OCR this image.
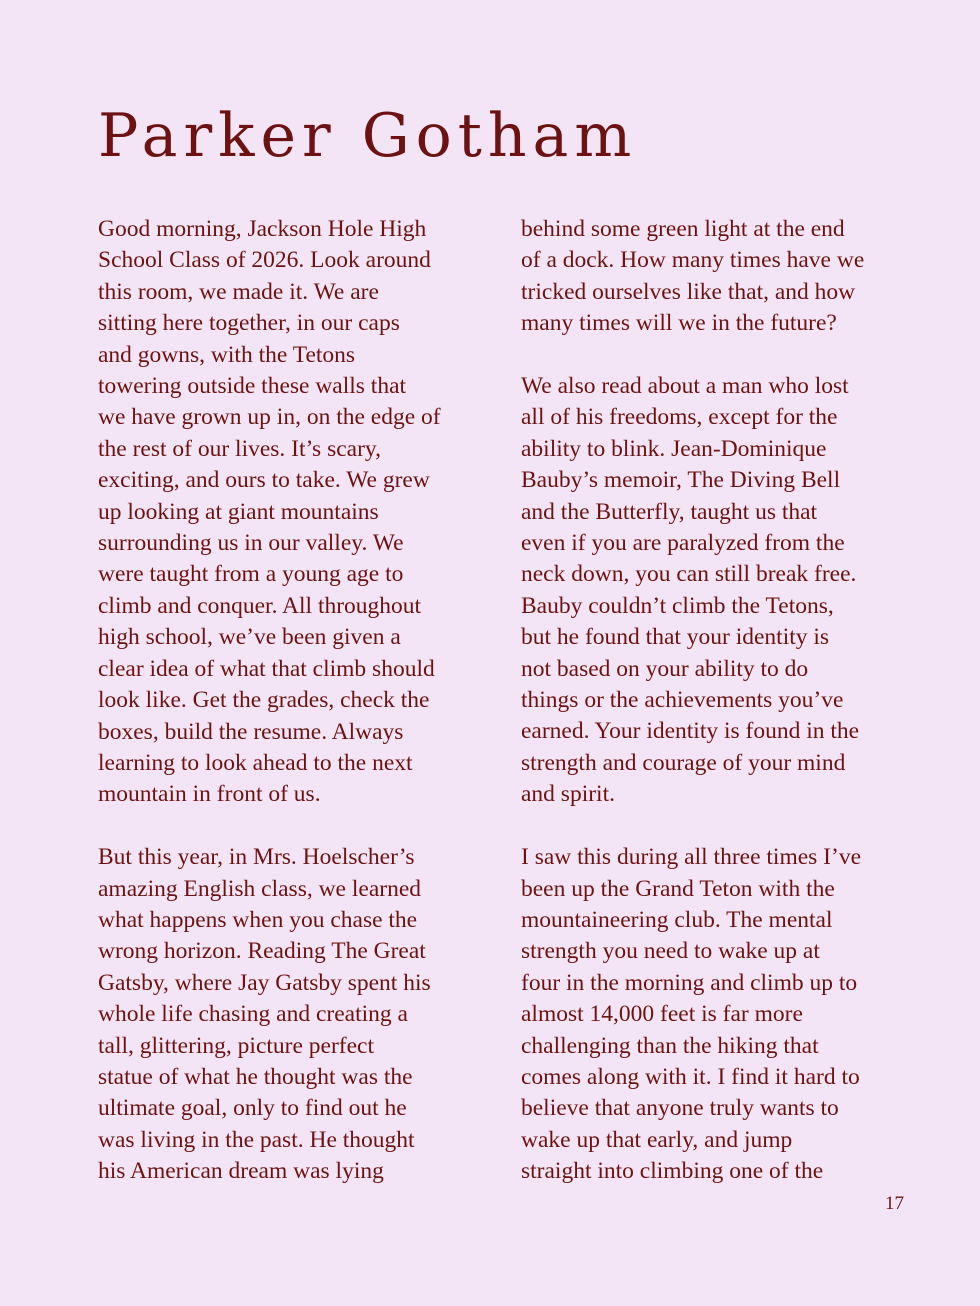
Parker Gotham

Good morning, Jackson Hole High
School Class of 2026. Look around
this room, we made it. We are
sitting here together, in our caps
and gowns, with the Tetons
towering outside these walls that
we have grown up in, on the edge of
the rest of our lives. It’s scary,
exciting, and ours to take. We grew
up looking at giant mountains
surrounding us in our valley. We
were taught from a young age to
climb and conquer. All throughout
high school, we’ve been given a
clear idea of what that climb should
look like. Get the grades, check the
boxes, build the resume. Always
learning to look ahead to the next
mountain in front of us.

But this year, in Mrs. Hoelscher’s
amazing English class, we learned
what happens when you chase the
wrong horizon. Reading The Great
Gatsby, where Jay Gatsby spent his
whole life chasing and creating a
tall, glittering, picture perfect
statue of what he thought was the
ultimate goal, only to find out he
was living in the past. He thought
his American dream was lying

behind some green light at the end
of a dock. How many times have we
tricked ourselves like that, and how
many times will we in the future?

We also read about a man who lost
all of his freedoms, except for the
ability to blink. Jean-Dominique
Bauby’s memoir, The Diving Bell
and the Butterfly, taught us that
even if you are paralyzed from the
neck down, you can still break free.
Bauby couldn’t climb the Tetons,
but he found that your identity is
not based on your ability to do
things or the achievements you’ve
earned. Your identity is found in the
strength and courage of your mind
and spirit.

I saw this during all three times I’ve
been up the Grand Teton with the
mountaineering club. The mental
strength you need to wake up at
four in the morning and climb up to
almost 14,000 feet is far more
challenging than the hiking that
comes along with it. I find it hard to
believe that anyone truly wants to
wake up that early, and jump
straight into climbing one of the

17
